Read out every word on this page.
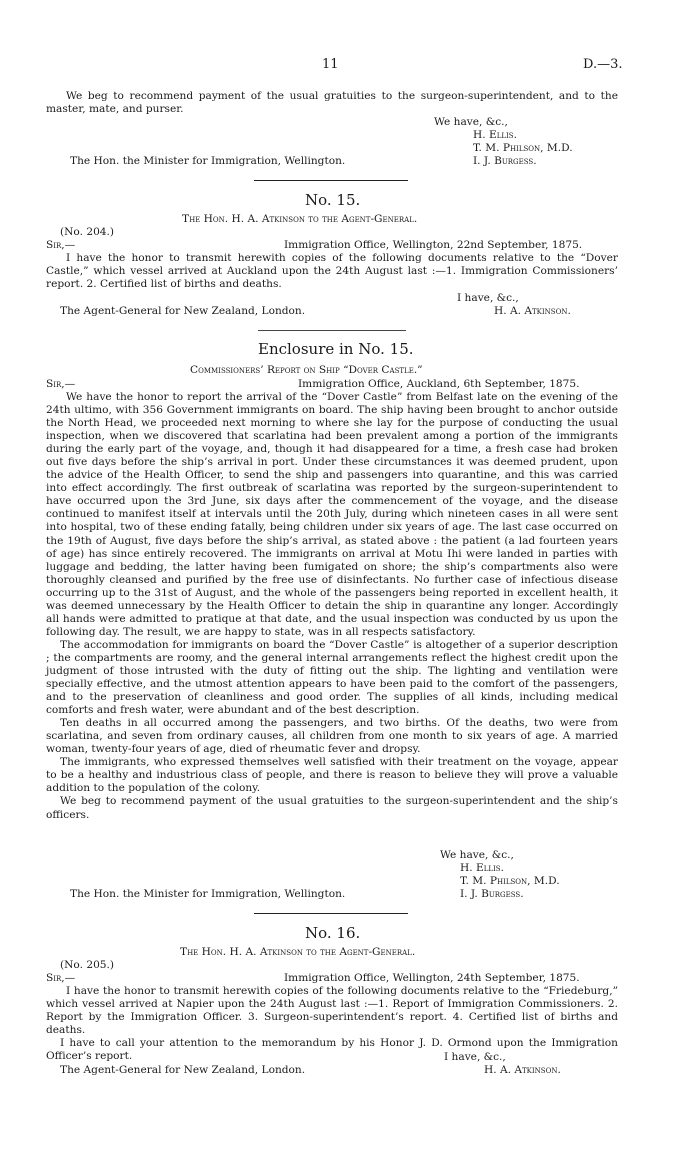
11	D.—3.

We beg to recommend payment of the usual gratuities to the surgeon-superintendent, and to the master, mate, and purser.

We have, &c.,
H. Ellis.
T. M. Philson, M.D.
I. J. Burgess.
The Hon. the Minister for Immigration, Wellington.
No. 15.
The Hon. H. A. Atkinson to the Agent-General.
(No. 204.)
Sir,—	Immigration Office, Wellington, 22nd September, 1875.

I have the honor to transmit herewith copies of the following documents relative to the “Dover Castle,” which vessel arrived at Auckland upon the 24th August last :—1. Immigration Commissioners’ report. 2. Certified list of births and deaths.

I have, &c.,
H. A. Atkinson.
The Agent-General for New Zealand, London.
Enclosure in No. 15.
Commissioners’ Report on Ship “Dover Castle.”
Sir,—	Immigration Office, Auckland, 6th September, 1875.

We have the honor to report the arrival of the “Dover Castle” from Belfast late on the evening of the 24th ultimo, with 356 Government immigrants on board. The ship having been brought to anchor outside the North Head, we proceeded next morning to where she lay for the purpose of conducting the usual inspection, when we discovered that scarlatina had been prevalent among a portion of the immigrants during the early part of the voyage, and, though it had disappeared for a time, a fresh case had broken out five days before the ship’s arrival in port. Under these circumstances it was deemed prudent, upon the advice of the Health Officer, to send the ship and passengers into quarantine, and this was carried into effect accordingly. The first outbreak of scarlatina was reported by the surgeon-superintendent to have occurred upon the 3rd June, six days after the commencement of the voyage, and the disease continued to manifest itself at intervals until the 20th July, during which nineteen cases in all were sent into hospital, two of these ending fatally, being children under six years of age. The last case occurred on the 19th of August, five days before the ship’s arrival, as stated above : the patient (a lad fourteen years of age) has since entirely recovered. The immigrants on arrival at Motu Ihi were landed in parties with luggage and bedding, the latter having been fumigated on shore; the ship’s compartments also were thoroughly cleansed and purified by the free use of disinfectants. No further case of infectious disease occurring up to the 31st of August, and the whole of the passengers being reported in excellent health, it was deemed unnecessary by the Health Officer to detain the ship in quarantine any longer. Accordingly all hands were admitted to pratique at that date, and the usual inspection was conducted by us upon the following day. The result, we are happy to state, was in all respects satisfactory.

The accommodation for immigrants on board the “Dover Castle” is altogether of a superior description ; the compartments are roomy, and the general internal arrangements reflect the highest credit upon the judgment of those intrusted with the duty of fitting out the ship. The lighting and ventilation were specially effective, and the utmost attention appears to have been paid to the comfort of the passengers, and to the preservation of cleanliness and good order. The supplies of all kinds, including medical comforts and fresh water, were abundant and of the best description.

Ten deaths in all occurred among the passengers, and two births. Of the deaths, two were from scarlatina, and seven from ordinary causes, all children from one month to six years of age. A married woman, twenty-four years of age, died of rheumatic fever and dropsy.

The immigrants, who expressed themselves well satisfied with their treatment on the voyage, appear to be a healthy and industrious class of people, and there is reason to believe they will prove a valuable addition to the population of the colony.

We beg to recommend payment of the usual gratuities to the surgeon-superintendent and the ship’s officers.

We have, &c.,
H. Ellis.
T. M. Philson, M.D.
I. J. Burgess.
The Hon. the Minister for Immigration, Wellington.
No. 16.
The Hon. H. A. Atkinson to the Agent-General.
(No. 205.)
Sir,—	Immigration Office, Wellington, 24th September, 1875.

I have the honor to transmit herewith copies of the following documents relative to the “Friedeburg,” which vessel arrived at Napier upon the 24th August last :—1. Report of Immigration Commissioners. 2. Report by the Immigration Officer. 3. Surgeon-superintendent’s report. 4. Certified list of births and deaths.

I have to call your attention to the memorandum by his Honor J. D. Ormond upon the Immigration Officer’s report.	I have, &c.,
H. A. Atkinson.
The Agent-General for New Zealand, London.
